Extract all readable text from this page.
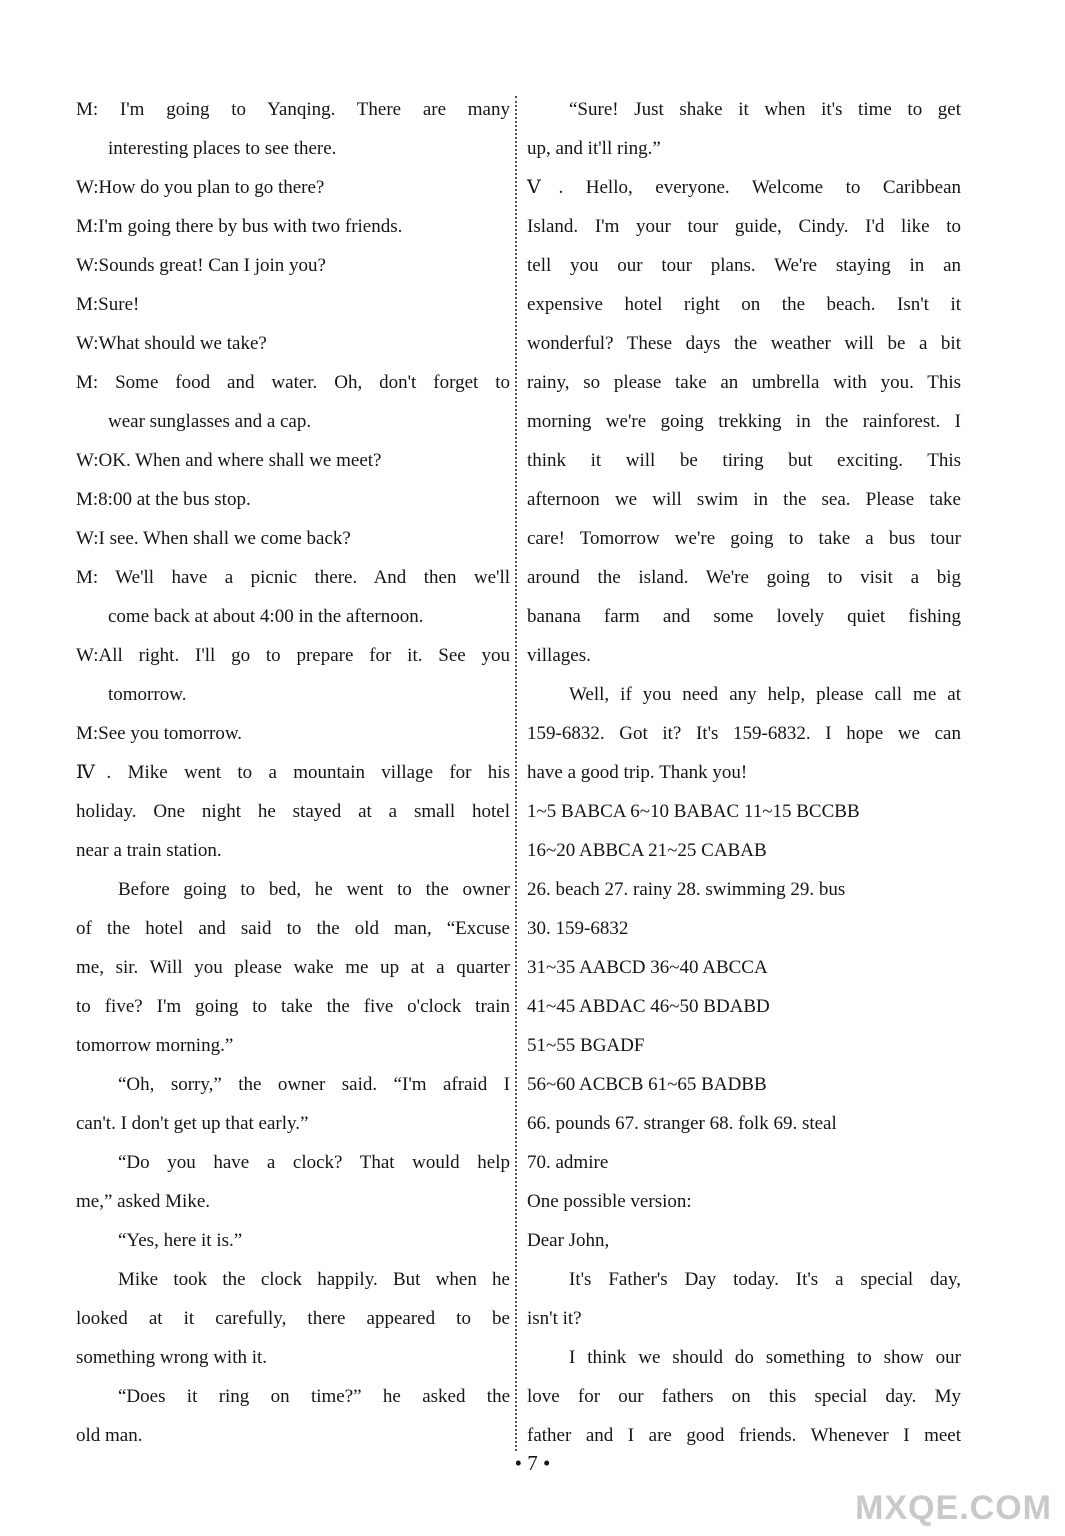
M: I'm going to Yanqing. There are many
interesting places to see there.
W:How do you plan to go there?
M:I'm going there by bus with two friends.
W:Sounds great! Can I join you?
M:Sure!
W:What should we take?
M: Some food and water. Oh, don't forget to
wear sunglasses and a cap.
W:OK. When and where shall we meet?
M:8:00 at the bus stop.
W:I see. When shall we come back?
M: We'll have a picnic there. And then we'll
come back at about 4:00 in the afternoon.
W:All right. I'll go to prepare for it. See you
tomorrow.
M:See you tomorrow.
Ⅳ. Mike went to a mountain village for his
holiday. One night he stayed at a small hotel
near a train station.
Before going to bed, he went to the owner
of the hotel and said to the old man, “Excuse
me, sir. Will you please wake me up at a quarter
to five? I'm going to take the five o'clock train
tomorrow morning.”
“Oh, sorry,” the owner said. “I'm afraid I
can't. I don't get up that early.”
“Do you have a clock? That would help
me,” asked Mike.
“Yes, here it is.”
Mike took the clock happily. But when he
looked at it carefully, there appeared to be
something wrong with it.
“Does it ring on time?” he asked the
old man.
“Sure! Just shake it when it's time to get
up, and it'll ring.”
Ⅴ. Hello, everyone. Welcome to Caribbean
Island. I'm your tour guide, Cindy. I'd like to
tell you our tour plans. We're staying in an
expensive hotel right on the beach. Isn't it
wonderful? These days the weather will be a bit
rainy, so please take an umbrella with you. This
morning we're going trekking in the rainforest. I
think it will be tiring but exciting. This
afternoon we will swim in the sea. Please take
care! Tomorrow we're going to take a bus tour
around the island. We're going to visit a big
banana farm and some lovely quiet fishing
villages.
Well, if you need any help, please call me at
159-6832. Got it? It's 159-6832. I hope we can
have a good trip. Thank you!
1~5 BABCA 6~10 BABAC 11~15 BCCBB
16~20 ABBCA 21~25 CABAB
26. beach 27. rainy 28. swimming 29. bus
30. 159-6832
31~35 AABCD 36~40 ABCCA
41~45 ABDAC 46~50 BDABD
51~55 BGADF
56~60 ACBCB 61~65 BADBB
66. pounds 67. stranger 68. folk 69. steal
70. admire
One possible version:
Dear John,
It's Father's Day today. It's a special day,
isn't it?
I think we should do something to show our
love for our fathers on this special day. My
father and I are good friends. Whenever I meet
• 7 •
MXQE.COM
